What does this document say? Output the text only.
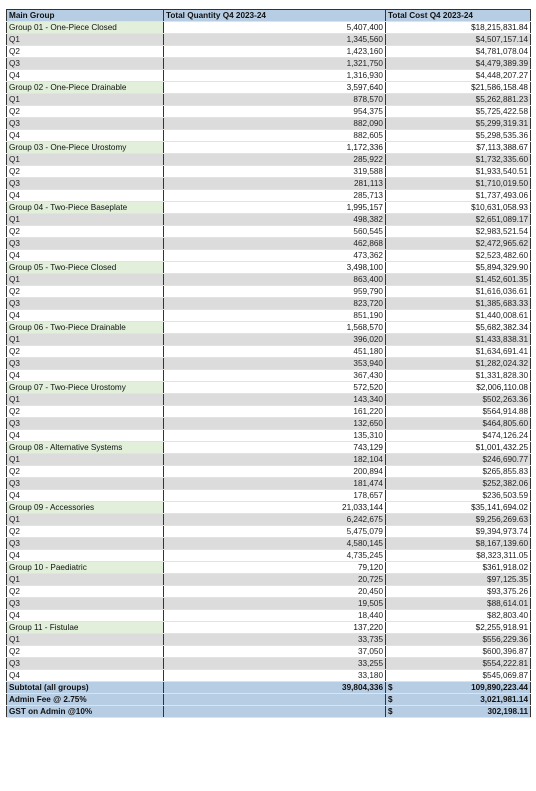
Main Group	Total Quantity Q4 2023-24	Total Cost Q4 2023-24
Group 01 - One-Piece Closed	5,407,400	$18,215,831.84
Q1	1,345,560	$4,507,157.14
Q2	1,423,160	$4,781,078.04
Q3	1,321,750	$4,479,389.39
Q4	1,316,930	$4,448,207.27
Group 02 - One-Piece Drainable	3,597,640	$21,586,158.48
Q1	878,570	$5,262,881.23
Q2	954,375	$5,725,422.58
Q3	882,090	$5,299,319.31
Q4	882,605	$5,298,535.36
Group 03 - One-Piece Urostomy	1,172,336	$7,113,388.67
Q1	285,922	$1,732,335.60
Q2	319,588	$1,933,540.51
Q3	281,113	$1,710,019.50
Q4	285,713	$1,737,493.06
Group 04 - Two-Piece Baseplate	1,995,157	$10,631,058.93
Q1	498,382	$2,651,089.17
Q2	560,545	$2,983,521.54
Q3	462,868	$2,472,965.62
Q4	473,362	$2,523,482.60
Group 05 - Two-Piece Closed	3,498,100	$5,894,329.90
Q1	863,400	$1,452,601.35
Q2	959,790	$1,616,036.61
Q3	823,720	$1,385,683.33
Q4	851,190	$1,440,008.61
Group 06 - Two-Piece Drainable	1,568,570	$5,682,382.34
Q1	396,020	$1,433,838.31
Q2	451,180	$1,634,691.41
Q3	353,940	$1,282,024.32
Q4	367,430	$1,331,828.30
Group 07 - Two-Piece Urostomy	572,520	$2,006,110.08
Q1	143,340	$502,263.36
Q2	161,220	$564,914.88
Q3	132,650	$464,805.60
Q4	135,310	$474,126.24
Group 08 - Alternative Systems	743,129	$1,001,432.25
Q1	182,104	$246,690.77
Q2	200,894	$265,855.83
Q3	181,474	$252,382.06
Q4	178,657	$236,503.59
Group 09 - Accessories	21,033,144	$35,141,694.02
Q1	6,242,675	$9,256,269.63
Q2	5,475,079	$9,394,973.74
Q3	4,580,145	$8,167,139.60
Q4	4,735,245	$8,323,311.05
Group 10 - Paediatric	79,120	$361,918.02
Q1	20,725	$97,125.35
Q2	20,450	$93,375.26
Q3	19,505	$88,614.01
Q4	18,440	$82,803.40
Group 11 - Fistulae	137,220	$2,255,918.91
Q1	33,735	$556,229.36
Q2	37,050	$600,396.87
Q3	33,255	$554,222.81
Q4	33,180	$545,069.87
Subtotal (all groups)	39,804,336	$ 109,890,223.44

Admin Fee @ 2.75%		$ 3,021,981.14

GST on Admin @10%		$ 302,198.11
